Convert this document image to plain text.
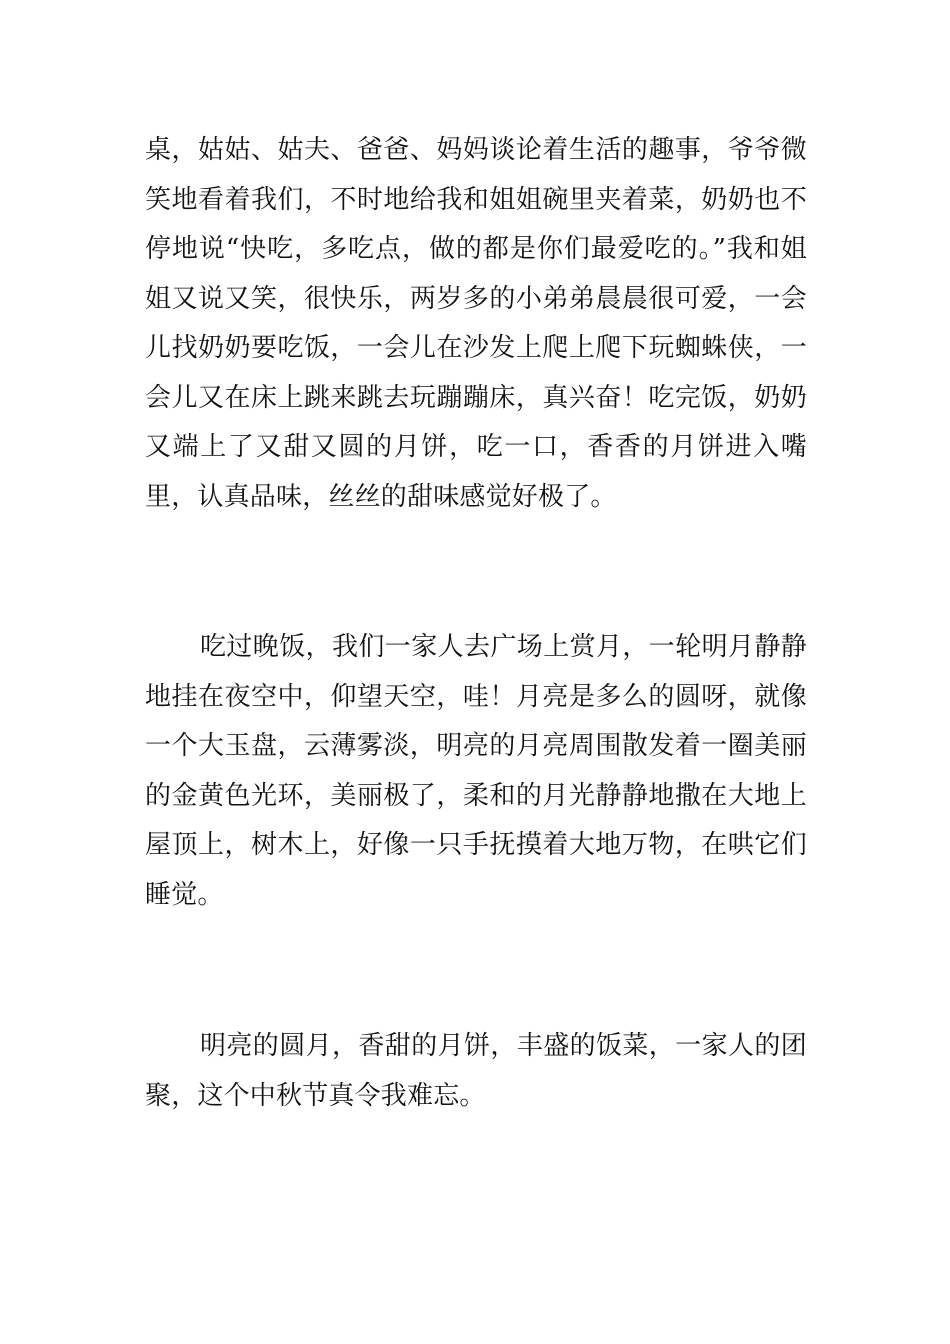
桌，姑姑、姑夫、爸爸、妈妈谈论着生活的趣事，爷爷微笑地看着我们，不时地给我和姐姐碗里夹着菜，奶奶也不停地说“快吃，多吃点，做的都是你们最爱吃的。”我和姐姐又说又笑，很快乐，两岁多的小弟弟晨晨很可爱，一会儿找奶奶要吃饭，一会儿在沙发上爬上爬下玩蜘蛛侠，一会儿又在床上跳来跳去玩蹦蹦床，真兴奋！吃完饭，奶奶又端上了又甜又圆的月饼，吃一口，香香的月饼进入嘴里，认真品味，丝丝的甜味感觉好极了。

吃过晚饭，我们一家人去广场上赏月，一轮明月静静地挂在夜空中，仰望天空，哇！月亮是多么的圆呀，就像一个大玉盘，云薄雾淡，明亮的月亮周围散发着一圈美丽的金黄色光环，美丽极了，柔和的月光静静地撒在大地上屋顶上，树木上，好像一只手抚摸着大地万物，在哄它们睡觉。

明亮的圆月，香甜的月饼，丰盛的饭菜，一家人的团聚，这个中秋节真令我难忘。
